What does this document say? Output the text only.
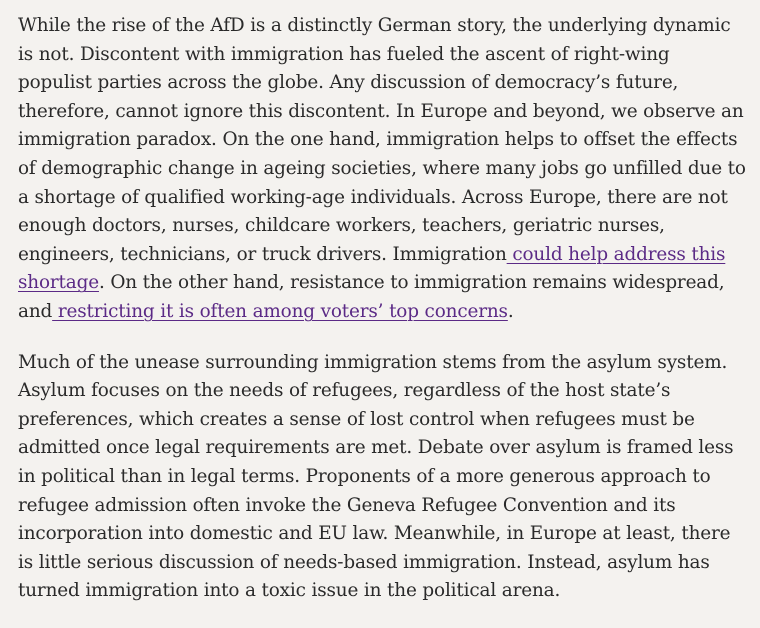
While the rise of the AfD is a distinctly German story, the underlying dynamic is not. Discontent with immigration has fueled the ascent of right-wing populist parties across the globe. Any discussion of democracy’s future, therefore, cannot ignore this discontent. In Europe and beyond, we observe an immigration paradox. On the one hand, immigration helps to offset the effects of demographic change in ageing societies, where many jobs go unfilled due to a shortage of qualified working-age individuals. Across Europe, there are not enough doctors, nurses, childcare workers, teachers, geriatric nurses, engineers, technicians, or truck drivers. Immigration could help address this shortage. On the other hand, resistance to immigration remains widespread, and restricting it is often among voters’ top concerns.

Much of the unease surrounding immigration stems from the asylum system. Asylum focuses on the needs of refugees, regardless of the host state’s preferences, which creates a sense of lost control when refugees must be admitted once legal requirements are met. Debate over asylum is framed less in political than in legal terms. Proponents of a more generous approach to refugee admission often invoke the Geneva Refugee Convention and its incorporation into domestic and EU law. Meanwhile, in Europe at least, there is little serious discussion of needs-based immigration. Instead, asylum has turned immigration into a toxic issue in the political arena.
